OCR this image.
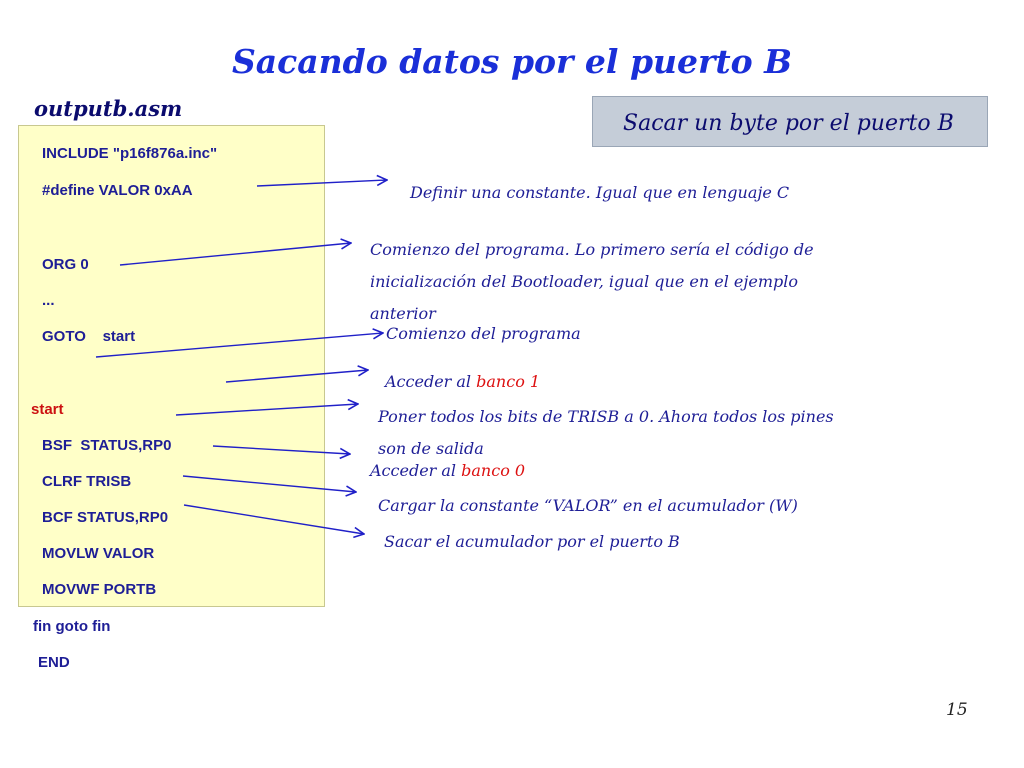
Sacando datos por el puerto B
outputb.asm
Sacar un byte por el puerto B
INCLUDE "p16f876a.inc"
#define VALOR 0xAA
ORG 0
...
GOTO    start
start
BSF  STATUS,RP0
CLRF TRISB
BCF STATUS,RP0
MOVLW VALOR
MOVWF PORTB
fin goto fin
END
Definir una constante. Igual que en lenguaje C
Comienzo del programa. Lo primero sería el código de
inicialización del Bootloader, igual que en el ejemplo
anterior
Comienzo del programa
Acceder al banco 1
Poner todos los bits de TRISB a 0. Ahora todos los pines
son de salida
Acceder al banco 0
Cargar la constante “VALOR” en el acumulador (W)
Sacar el acumulador por el puerto B
15
